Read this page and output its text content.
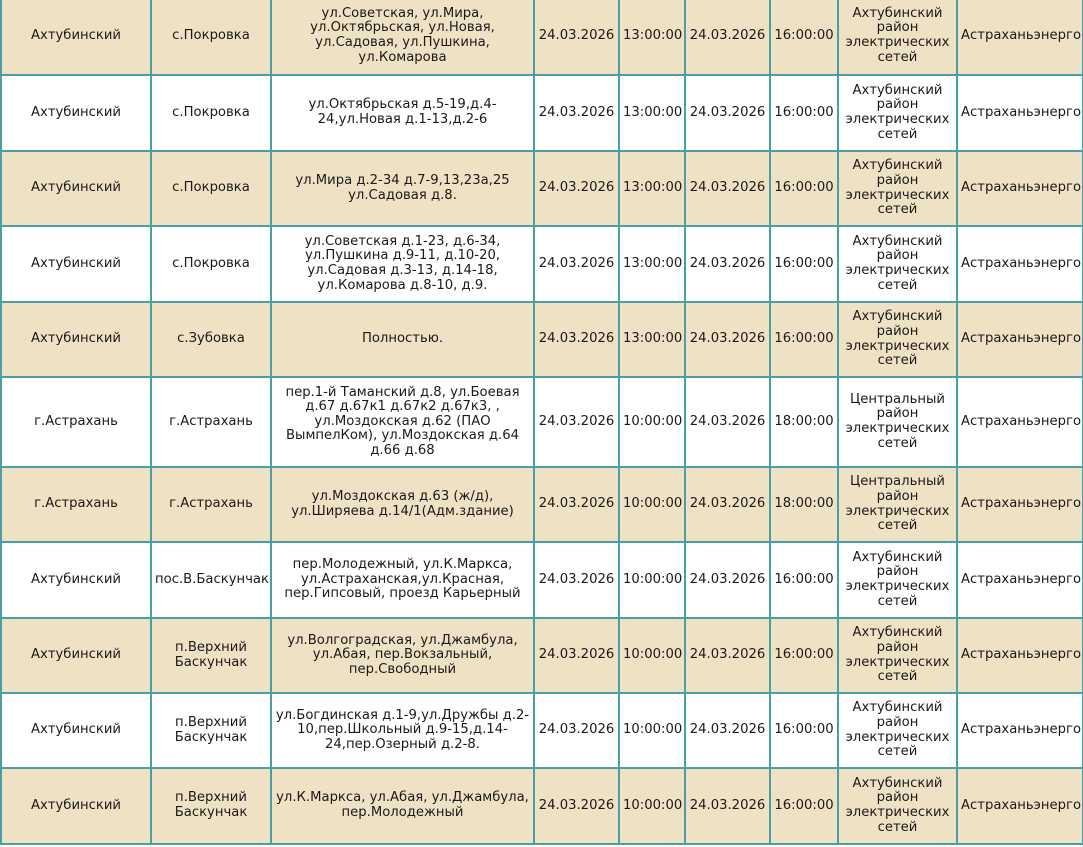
Ахтубинский	с.Покровка	ул.Советская, ул.Мира, ул.Октябрьская, ул.Новая, ул.Садовая, ул.Пушкина, ул.Комарова	24.03.2026	13:00:00	24.03.2026	16:00:00	Ахтубинский район электрических сетей	Астраханьэнерго
Ахтубинский	с.Покровка	ул.Октябрьская д.5-19,д.4-24,ул.Новая д.1-13,д.2-6	24.03.2026	13:00:00	24.03.2026	16:00:00	Ахтубинский район электрических сетей	Астраханьэнерго
Ахтубинский	с.Покровка	ул.Мира д.2-34 д.7-9,13,23а,25 ул.Садовая д.8.	24.03.2026	13:00:00	24.03.2026	16:00:00	Ахтубинский район электрических сетей	Астраханьэнерго
Ахтубинский	с.Покровка	ул.Советская д.1-23, д.6-34, ул.Пушкина д.9-11, д.10-20, ул.Садовая д.3-13, д.14-18, ул.Комарова д.8-10, д.9.	24.03.2026	13:00:00	24.03.2026	16:00:00	Ахтубинский район электрических сетей	Астраханьэнерго
Ахтубинский	с.Зубовка	Полностью.	24.03.2026	13:00:00	24.03.2026	16:00:00	Ахтубинский район электрических сетей	Астраханьэнерго
г.Астрахань	г.Астрахань	пер.1-й Таманский д.8, ул.Боевая д.67 д.67к1 д.67к2 д.67к3, , ул.Моздокская д.62 (ПАО ВымпелКом), ул.Моздокская д.64 д.66 д.68	24.03.2026	10:00:00	24.03.2026	18:00:00	Центральный район электрических сетей	Астраханьэнерго
г.Астрахань	г.Астрахань	ул.Моздокская д.63 (ж/д), ул.Ширяева д.14/1(Адм.здание)	24.03.2026	10:00:00	24.03.2026	18:00:00	Центральный район электрических сетей	Астраханьэнерго
Ахтубинский	пос.В.Баскунчак	пер.Молодежный, ул.К.Маркса, ул.Астраханская,ул.Красная, пер.Гипсовый, проезд Карьерный	24.03.2026	10:00:00	24.03.2026	16:00:00	Ахтубинский район электрических сетей	Астраханьэнерго
Ахтубинский	п.Верхний Баскунчак	ул.Волгоградская, ул.Джамбула, ул.Абая, пер.Вокзальный, пер.Свободный	24.03.2026	10:00:00	24.03.2026	16:00:00	Ахтубинский район электрических сетей	Астраханьэнерго
Ахтубинский	п.Верхний Баскунчак	ул.Богдинская д.1-9,ул.Дружбы д.2-10,пер.Школьный д.9-15,д.14-24,пер.Озерный д.2-8.	24.03.2026	10:00:00	24.03.2026	16:00:00	Ахтубинский район электрических сетей	Астраханьэнерго
Ахтубинский	п.Верхний Баскунчак	ул.К.Маркса, ул.Абая, ул.Джамбула, пер.Молодежный	24.03.2026	10:00:00	24.03.2026	16:00:00	Ахтубинский район электрических сетей	Астраханьэнерго
